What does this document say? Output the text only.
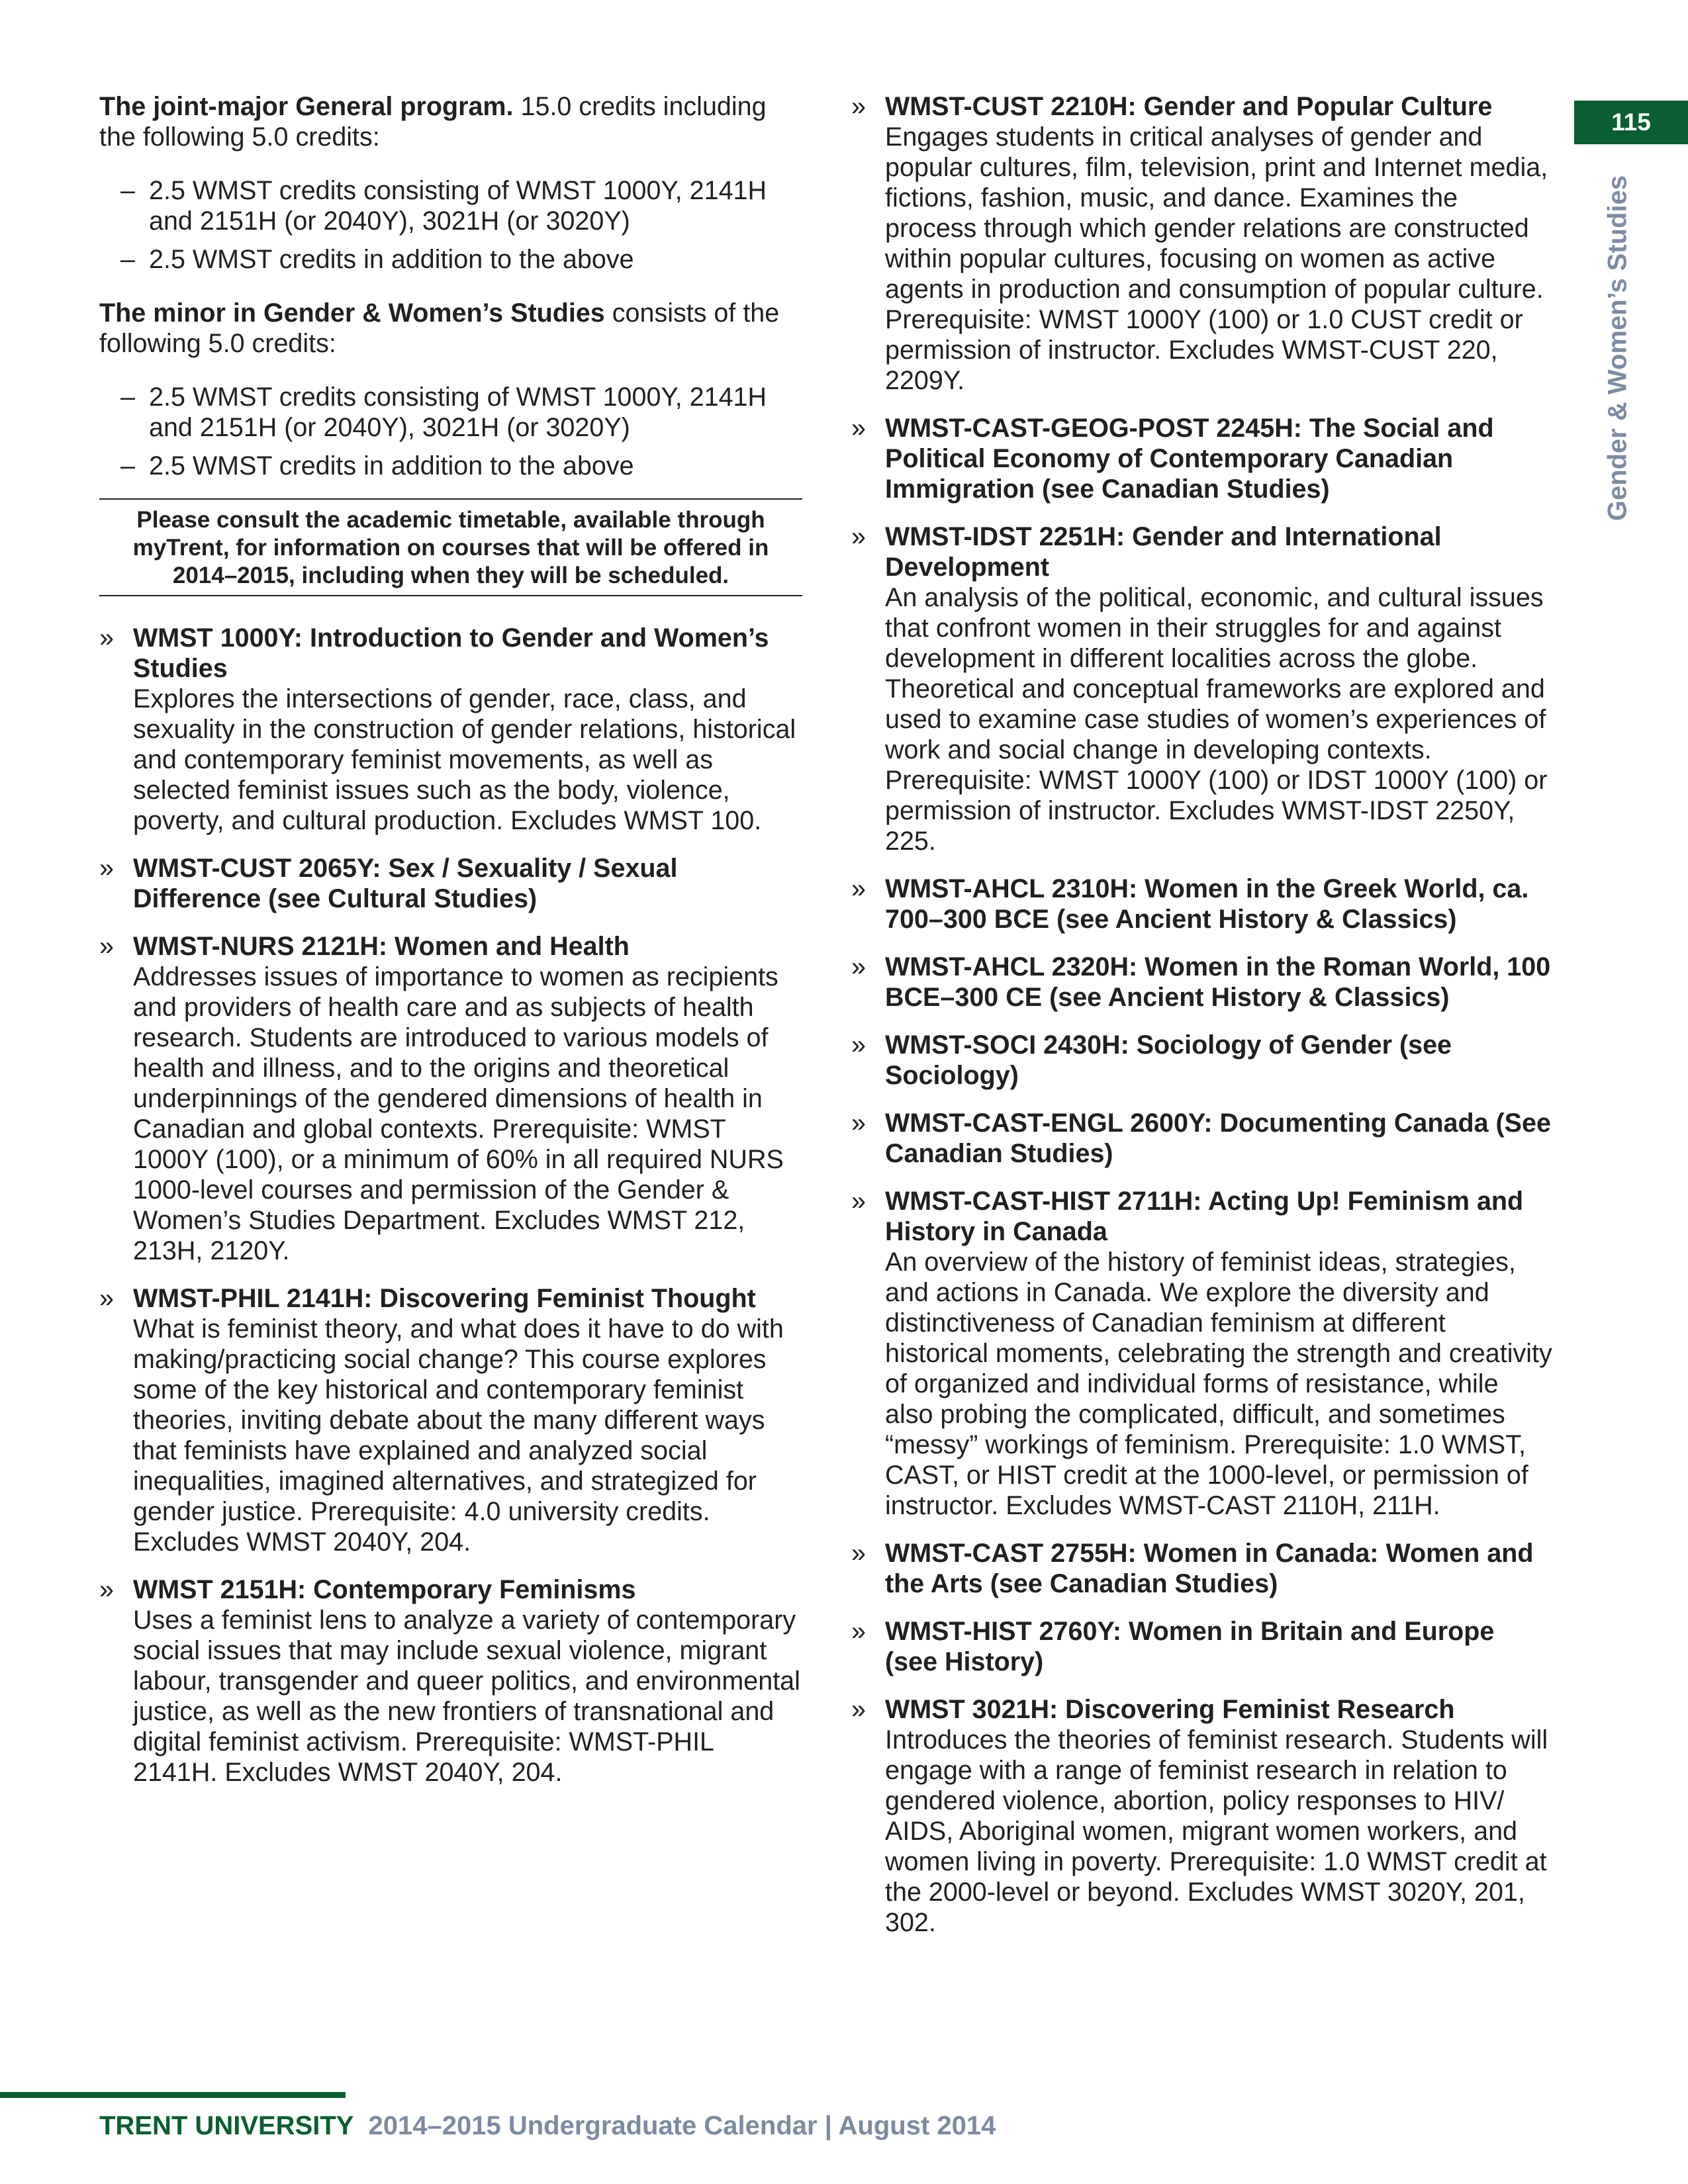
115
Gender & Women’s Studies

The joint-major General program. 15.0 credits including the following 5.0 credits:

– 2.5 WMST credits consisting of WMST 1000Y, 2141H and 2151H (or 2040Y), 3021H (or 3020Y)
– 2.5 WMST credits in addition to the above

The minor in Gender & Women’s Studies consists of the following 5.0 credits:

– 2.5 WMST credits consisting of WMST 1000Y, 2141H and 2151H (or 2040Y), 3021H (or 3020Y)
– 2.5 WMST credits in addition to the above
Please consult the academic timetable, available through myTrent, for information on courses that will be offered in 2014–2015, including when they will be scheduled.
» WMST 1000Y: Introduction to Gender and Women’s Studies
Explores the intersections of gender, race, class, and sexuality in the construction of gender relations, historical and contemporary feminist movements, as well as selected feminist issues such as the body, violence, poverty, and cultural production. Excludes WMST 100.
» WMST-CUST 2065Y: Sex / Sexuality / Sexual Difference (see Cultural Studies)
» WMST-NURS 2121H: Women and Health
Addresses issues of importance to women as recipients and providers of health care and as subjects of health research. Students are introduced to various models of health and illness, and to the origins and theoretical underpinnings of the gendered dimensions of health in Canadian and global contexts. Prerequisite: WMST 1000Y (100), or a minimum of 60% in all required NURS 1000-level courses and permission of the Gender & Women’s Studies Department. Excludes WMST 212, 213H, 2120Y.
» WMST-PHIL 2141H: Discovering Feminist Thought
What is feminist theory, and what does it have to do with making/practicing social change? This course explores some of the key historical and contemporary feminist theories, inviting debate about the many different ways that feminists have explained and analyzed social inequalities, imagined alternatives, and strategized for gender justice. Prerequisite: 4.0 university credits. Excludes WMST 2040Y, 204.
» WMST 2151H: Contemporary Feminisms
Uses a feminist lens to analyze a variety of contemporary social issues that may include sexual violence, migrant labour, transgender and queer politics, and environmental justice, as well as the new frontiers of transnational and digital feminist activism. Prerequisite: WMST-PHIL 2141H. Excludes WMST 2040Y, 204.
» WMST-CUST 2210H: Gender and Popular Culture
Engages students in critical analyses of gender and popular cultures, film, television, print and Internet media, fictions, fashion, music, and dance. Examines the process through which gender relations are constructed within popular cultures, focusing on women as active agents in production and consumption of popular culture. Prerequisite: WMST 1000Y (100) or 1.0 CUST credit or permission of instructor. Excludes WMST-CUST 220, 2209Y.
» WMST-CAST-GEOG-POST 2245H: The Social and Political Economy of Contemporary Canadian Immigration (see Canadian Studies)
» WMST-IDST 2251H: Gender and International Development
An analysis of the political, economic, and cultural issues that confront women in their struggles for and against development in different localities across the globe. Theoretical and conceptual frameworks are explored and used to examine case studies of women’s experiences of work and social change in developing contexts. Prerequisite: WMST 1000Y (100) or IDST 1000Y (100) or permission of instructor. Excludes WMST-IDST 2250Y, 225.
» WMST-AHCL 2310H: Women in the Greek World, ca. 700–300 BCE (see Ancient History & Classics)
» WMST-AHCL 2320H: Women in the Roman World, 100 BCE–300 CE (see Ancient History & Classics)
» WMST-SOCI 2430H: Sociology of Gender (see Sociology)
» WMST-CAST-ENGL 2600Y: Documenting Canada (See Canadian Studies)
» WMST-CAST-HIST 2711H: Acting Up! Feminism and History in Canada
An overview of the history of feminist ideas, strategies, and actions in Canada. We explore the diversity and distinctiveness of Canadian feminism at different historical moments, celebrating the strength and creativity of organized and individual forms of resistance, while also probing the complicated, difficult, and sometimes “messy” workings of feminism. Prerequisite: 1.0 WMST, CAST, or HIST credit at the 1000-level, or permission of instructor. Excludes WMST-CAST 2110H, 211H.
» WMST-CAST 2755H: Women in Canada: Women and the Arts (see Canadian Studies)
» WMST-HIST 2760Y: Women in Britain and Europe (see History)
» WMST 3021H: Discovering Feminist Research
Introduces the theories of feminist research. Students will engage with a range of feminist research in relation to gendered violence, abortion, policy responses to HIV/ AIDS, Aboriginal women, migrant women workers, and women living in poverty. Prerequisite: 1.0 WMST credit at the 2000-level or beyond. Excludes WMST 3020Y, 201, 302.
TRENT UNIVERSITY 2014–2015 Undergraduate Calendar | August 2014
